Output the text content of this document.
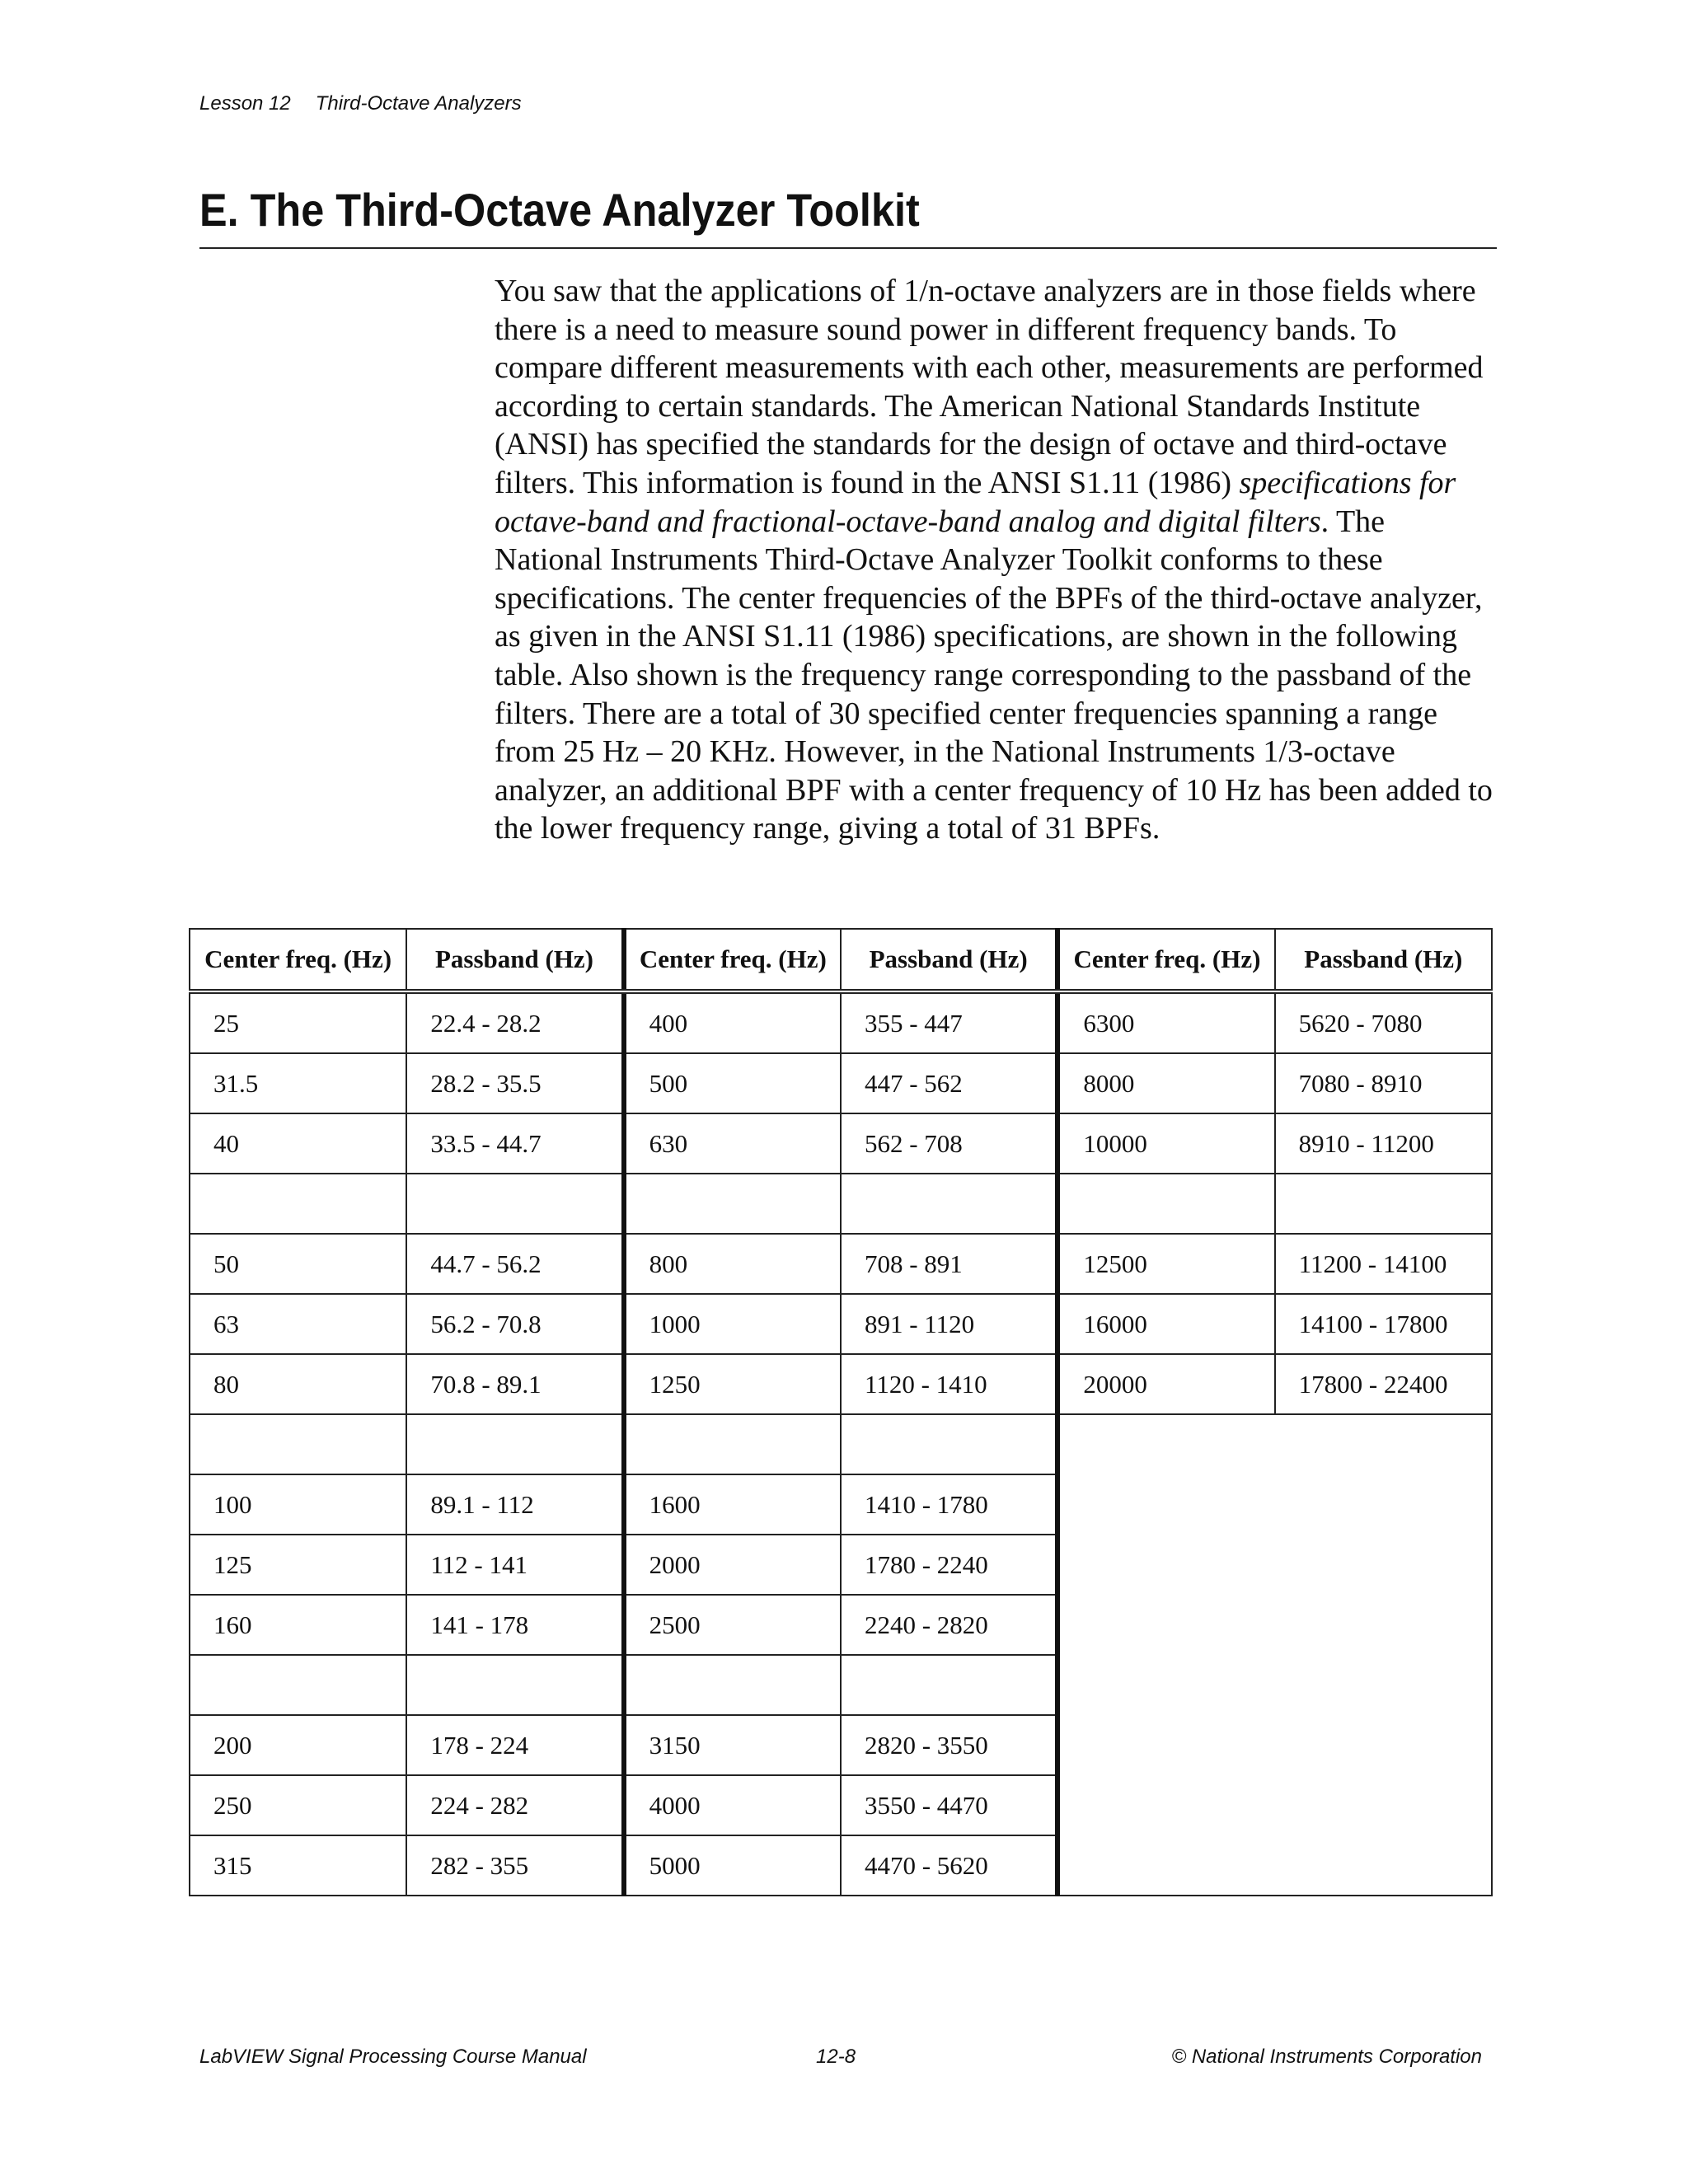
Lesson 12 Third-Octave Analyzers
E. The Third-Octave Analyzer Toolkit

You saw that the applications of 1/n-octave analyzers are in those fields where there is a need to measure sound power in different frequency bands. To compare different measurements with each other, measurements are performed according to certain standards. The American National Standards Institute (ANSI) has specified the standards for the design of octave and third-octave filters. This information is found in the ANSI S1.11 (1986) specifications for octave-band and fractional-octave-band analog and digital filters. The National Instruments Third-Octave Analyzer Toolkit conforms to these specifications. The center frequencies of the BPFs of the third-octave analyzer, as given in the ANSI S1.11 (1986) specifications, are shown in the following table. Also shown is the frequency range corresponding to the passband of the filters. There are a total of 30 specified center frequencies spanning a range from 25 Hz – 20 KHz. However, in the National Instruments 1/3-octave analyzer, an additional BPF with a center frequency of 10 Hz has been added to the lower frequency range, giving a total of 31 BPFs.

Center freq. (Hz)	Passband (Hz)	Center freq. (Hz)	Passband (Hz)	Center freq. (Hz)	Passband (Hz)
25	22.4 - 28.2	400	355 - 447	6300	5620 - 7080
31.5	28.2 - 35.5	500	447 - 562	8000	7080 - 8910
40	33.5 - 44.7	630	562 - 708	10000	8910 - 11200

50	44.7 - 56.2	800	708 - 891	12500	11200 - 14100
63	56.2 - 70.8	1000	891 - 1120	16000	14100 - 17800
80	70.8 - 89.1	1250	1120 - 1410	20000	17800 - 22400

100	89.1 - 112	1600	1410 - 1780		
125	112 - 141	2000	1780 - 2240		
160	141 - 178	2500	2240 - 2820		

200	178 - 224	3150	2820 - 3550		
250	224 - 282	4000	3550 - 4470		
315	282 - 355	5000	4470 - 5620		
LabVIEW Signal Processing Course Manual	12-8	© National Instruments Corporation
